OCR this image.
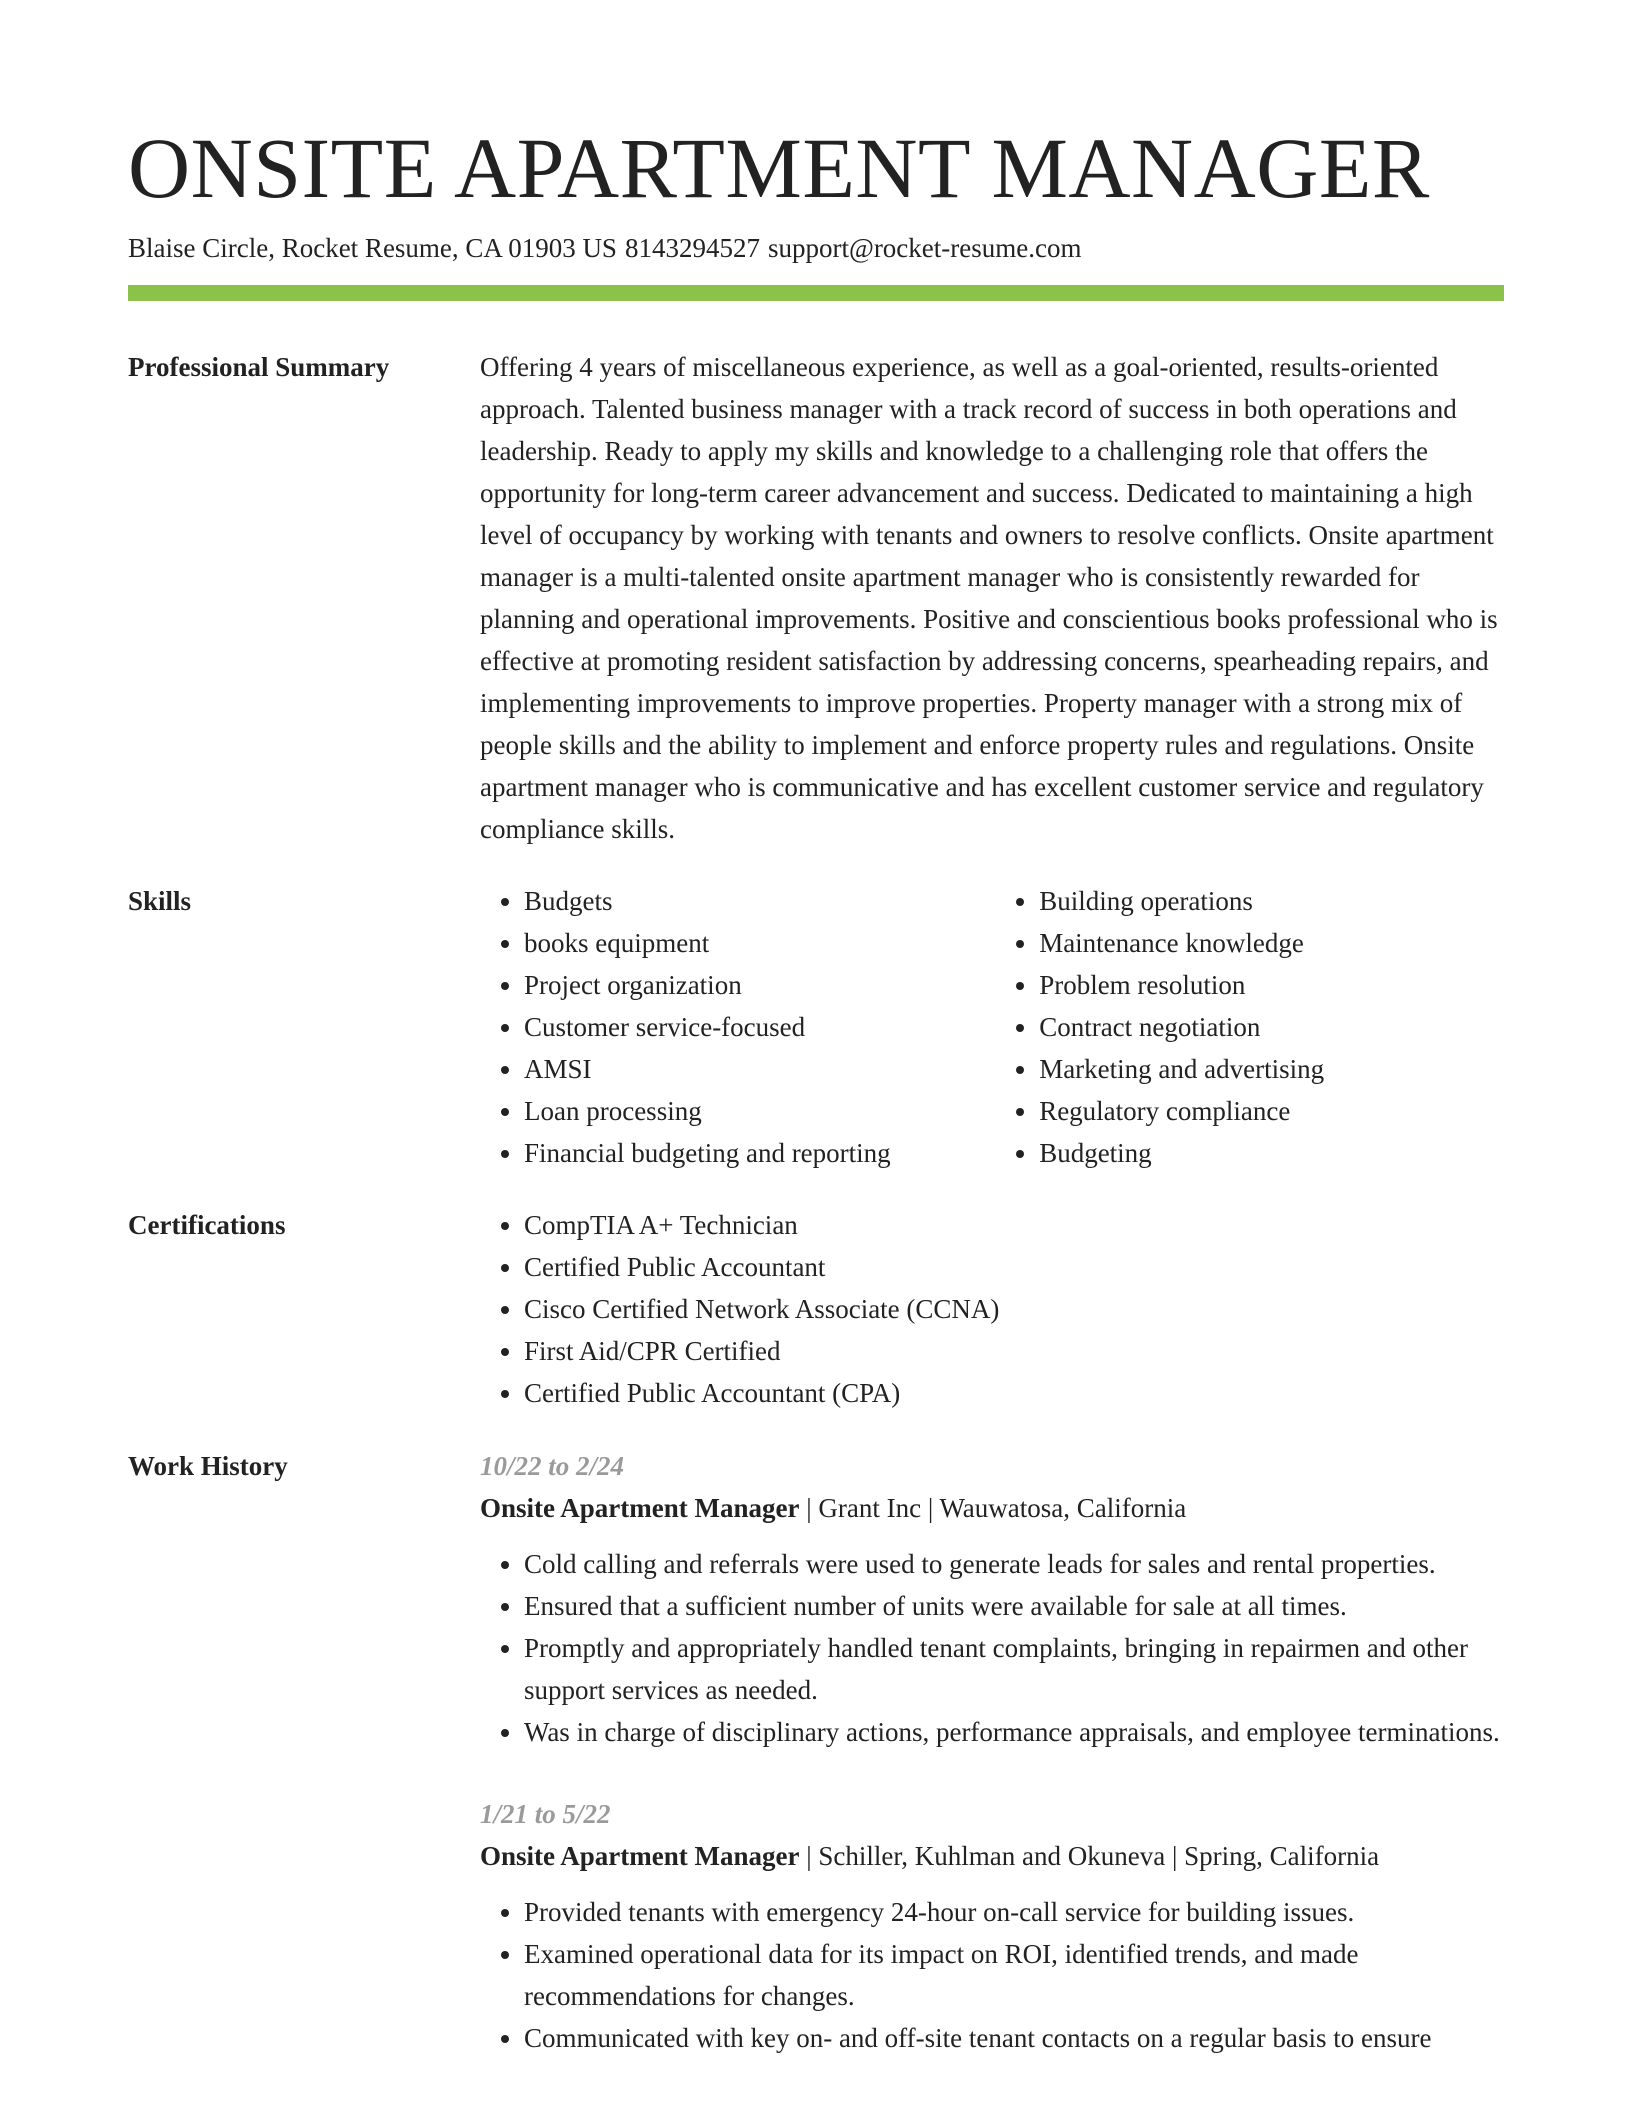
ONSITE APARTMENT MANAGER
Blaise Circle, Rocket Resume, CA 01903 US 8143294527 support@rocket-resume.com
Professional Summary	Offering 4 years of miscellaneous experience, as well as a goal-oriented, results-oriented approach. Talented business manager with a track record of success in both operations and leadership. Ready to apply my skills and knowledge to a challenging role that offers the opportunity for long-term career advancement and success. Dedicated to maintaining a high level of occupancy by working with tenants and owners to resolve conflicts. Onsite apartment manager is a multi-talented onsite apartment manager who is consistently rewarded for planning and operational improvements. Positive and conscientious books professional who is effective at promoting resident satisfaction by addressing concerns, spearheading repairs, and implementing improvements to improve properties. Property manager with a strong mix of people skills and the ability to implement and enforce property rules and regulations. Onsite apartment manager who is communicative and has excellent customer service and regulatory compliance skills.

Skills	• Budgets
• books equipment
• Project organization
• Customer service-focused
• AMSI
• Loan processing
• Financial budgeting and reporting
• Building operations
• Maintenance knowledge
• Problem resolution
• Contract negotiation
• Marketing and advertising
• Regulatory compliance
• Budgeting
Certifications	• CompTIA A+ Technician
• Certified Public Accountant
• Cisco Certified Network Associate (CCNA)
• First Aid/CPR Certified
• Certified Public Accountant (CPA)
Work History	10/22 to 2/24
Onsite Apartment Manager | Grant Inc | Wauwatosa, California
• Cold calling and referrals were used to generate leads for sales and rental properties.
• Ensured that a sufficient number of units were available for sale at all times.
• Promptly and appropriately handled tenant complaints, bringing in repairmen and other support services as needed.
• Was in charge of disciplinary actions, performance appraisals, and employee terminations.
1/21 to 5/22
Onsite Apartment Manager | Schiller, Kuhlman and Okuneva | Spring, California
• Provided tenants with emergency 24-hour on-call service for building issues.
• Examined operational data for its impact on ROI, identified trends, and made recommendations for changes.
• Communicated with key on- and off-site tenant contacts on a regular basis to ensure
